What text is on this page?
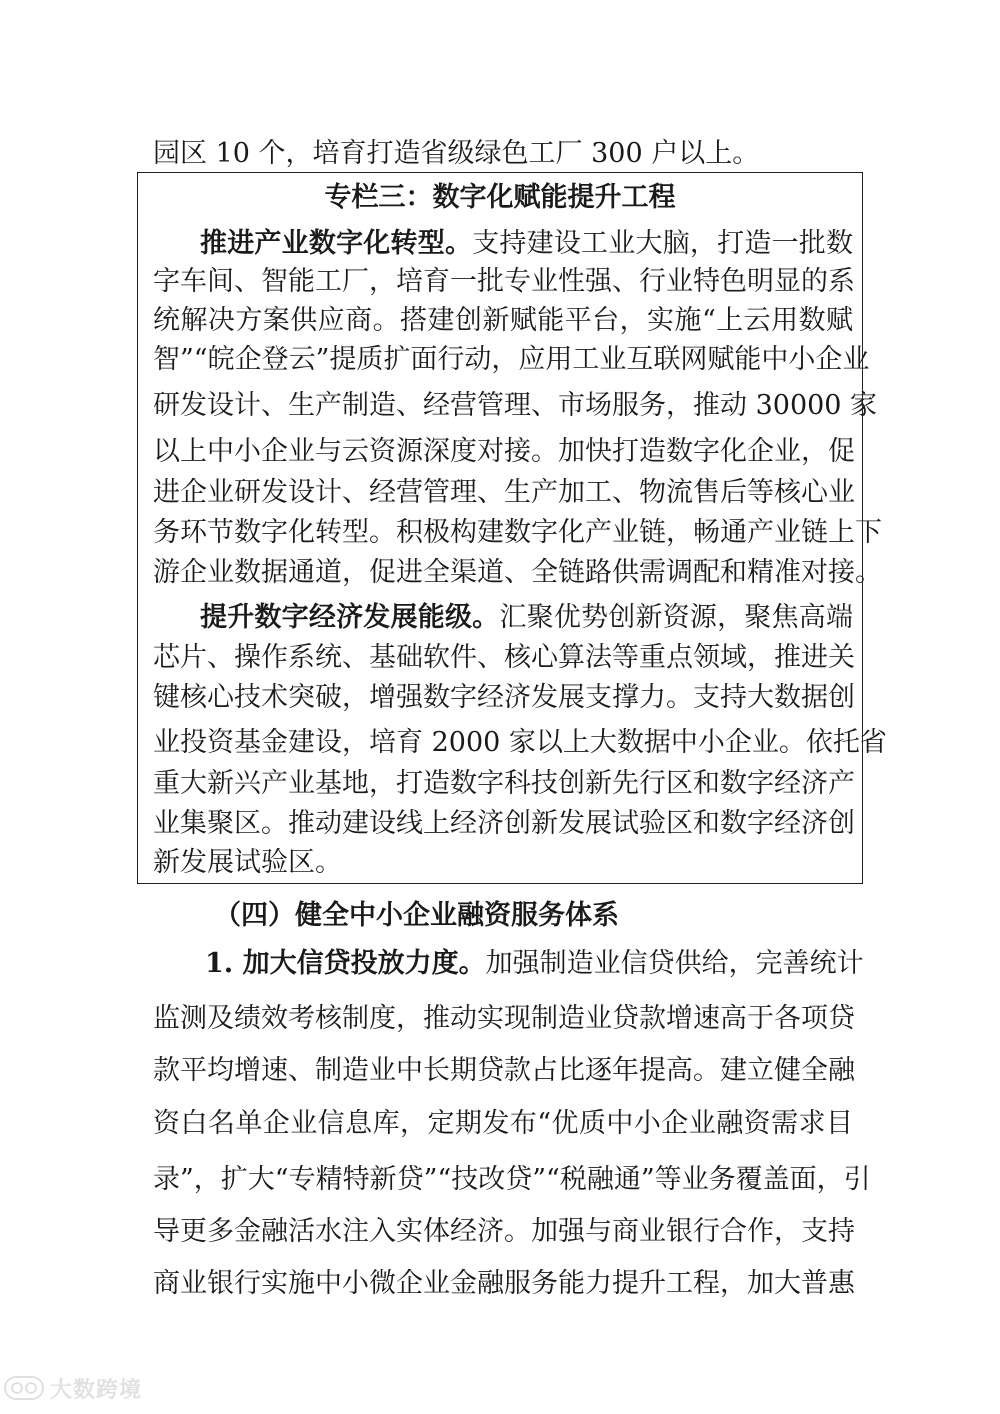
园区 10 个，培育打造省级绿色工厂 300 户以上。
专栏三：数字化赋能提升工程
推进产业数字化转型。支持建设工业大脑，打造一批数
字车间、智能工厂，培育一批专业性强、行业特色明显的系
统解决方案供应商。搭建创新赋能平台，实施“上云用数赋
智”“皖企登云”提质扩面行动，应用工业互联网赋能中小企业
研发设计、生产制造、经营管理、市场服务，推动 30000 家
以上中小企业与云资源深度对接。加快打造数字化企业，促
进企业研发设计、经营管理、生产加工、物流售后等核心业
务环节数字化转型。积极构建数字化产业链，畅通产业链上下
游企业数据通道，促进全渠道、全链路供需调配和精准对接。
提升数字经济发展能级。汇聚优势创新资源，聚焦高端
芯片、操作系统、基础软件、核心算法等重点领域，推进关
键核心技术突破，增强数字经济发展支撑力。支持大数据创
业投资基金建设，培育 2000 家以上大数据中小企业。依托省
重大新兴产业基地，打造数字科技创新先行区和数字经济产
业集聚区。推动建设线上经济创新发展试验区和数字经济创
新发展试验区。
（四）健全中小企业融资服务体系
1. 加大信贷投放力度。加强制造业信贷供给，完善统计
监测及绩效考核制度，推动实现制造业贷款增速高于各项贷
款平均增速、制造业中长期贷款占比逐年提高。建立健全融
资白名单企业信息库，定期发布“优质中小企业融资需求目
录”，扩大“专精特新贷”“技改贷”“税融通”等业务覆盖面，引
导更多金融活水注入实体经济。加强与商业银行合作，支持
商业银行实施中小微企业金融服务能力提升工程，加大普惠
大数跨境
